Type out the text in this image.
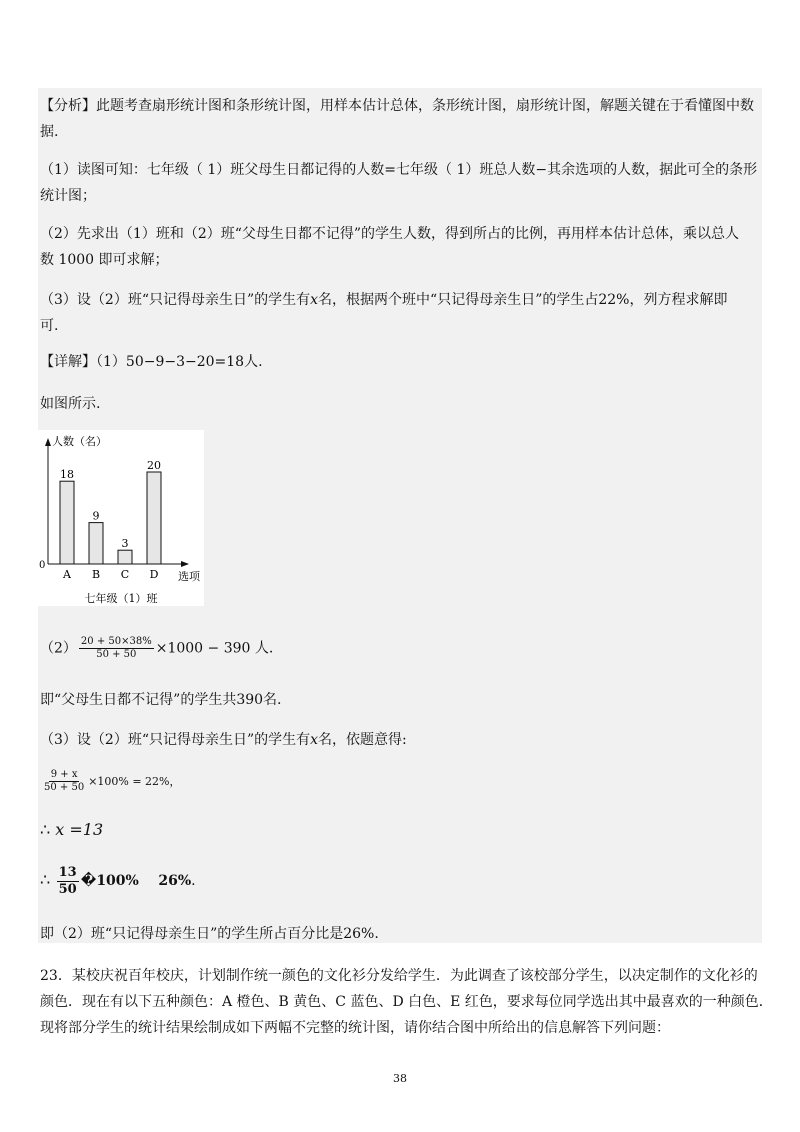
【分析】此题考查扇形统计图和条形统计图，用样本估计总体，条形统计图，扇形统计图，解题关键在于看懂图中数
据.
（1）读图可知：七年级（ 1）班父母生日都记得的人数=七年级（ 1）班总人数−其余选项的人数，据此可全的条形
统计图；
（2）先求出（1）班和（2）班“父母生日都不记得”的学生人数，得到所占的比例，再用样本估计总体，乘以总人
数 1000 即可求解；
（3）设（2）班“只记得母亲生日”的学生有x名，根据两个班中“只记得母亲生日”的学生占22%，列方程求解即
可.
【详解】（1）50−9−3−20=18人.
如图所示.
人数（名）
0
选项
七年级（1）班
18
A
9
B
3
C
20
D
$(2) \frac{20 + 50\times 38\%}{50 + 50} \times 1000 - 390$ 人.
即“父母生日都不记得”的学生共390名.
（3）设（2）班“只记得母亲生日”的学生有x名，依题意得:
$\frac{9 + x}{50 + 50} \times 100\% = 22\%$，
∴ x =13
∴ $\frac{13}{50}$ �100%    26%.
即（2）班“只记得母亲生日”的学生所占百分比是26%.
23．某校庆祝百年校庆，计划制作统一颜色的文化衫分发给学生．为此调查了该校部分学生，以决定制作的文化衫的
颜色．现在有以下五种颜色：A 橙色、B 黄色、C 蓝色、D 白色、E 红色，要求每位同学选出其中最喜欢的一种颜色．
现将部分学生的统计结果绘制成如下两幅不完整的统计图，请你结合图中所给出的信息解答下列问题：
38
